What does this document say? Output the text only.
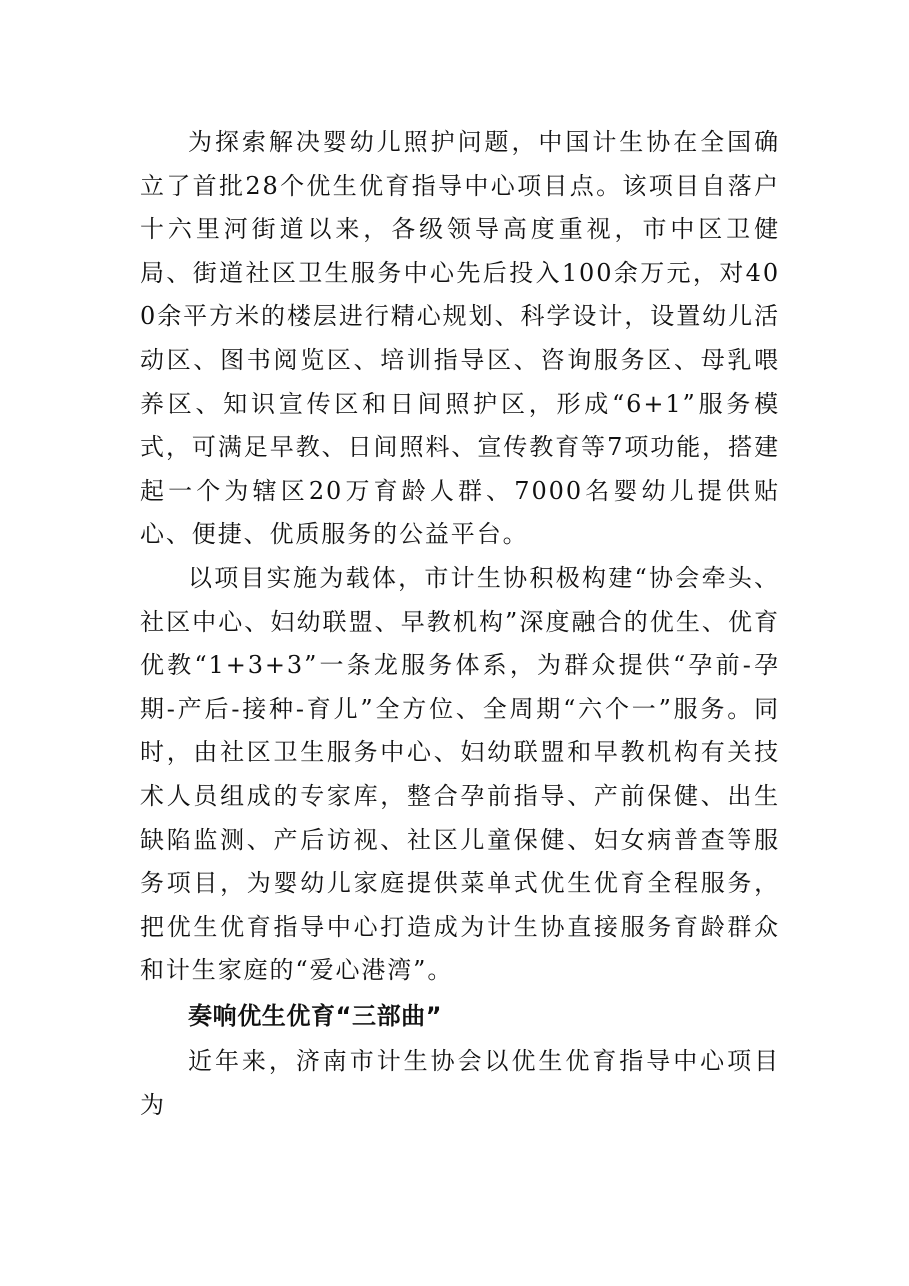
为探索解决婴幼儿照护问题，中国计生协在全国确立了首批28个优生优育指导中心项目点。该项目自落户十六里河街道以来，各级领导高度重视，市中区卫健局、街道社区卫生服务中心先后投入100余万元，对400余平方米的楼层进行精心规划、科学设计，设置幼儿活动区、图书阅览区、培训指导区、咨询服务区、母乳喂养区、知识宣传区和日间照护区，形成“6+1”服务模式，可满足早教、日间照料、宣传教育等7项功能，搭建起一个为辖区20万育龄人群、7000名婴幼儿提供贴心、便捷、优质服务的公益平台。

以项目实施为载体，市计生协积极构建“协会牵头、社区中心、妇幼联盟、早教机构”深度融合的优生、优育优教“1+3+3”一条龙服务体系，为群众提供“孕前-孕期-产后-接种-育儿”全方位、全周期“六个一”服务。同时，由社区卫生服务中心、妇幼联盟和早教机构有关技术人员组成的专家库，整合孕前指导、产前保健、出生缺陷监测、产后访视、社区儿童保健、妇女病普查等服务项目，为婴幼儿家庭提供菜单式优生优育全程服务，把优生优育指导中心打造成为计生协直接服务育龄群众和计生家庭的“爱心港湾”。

奏响优生优育“三部曲”

近年来，济南市计生协会以优生优育指导中心项目为
